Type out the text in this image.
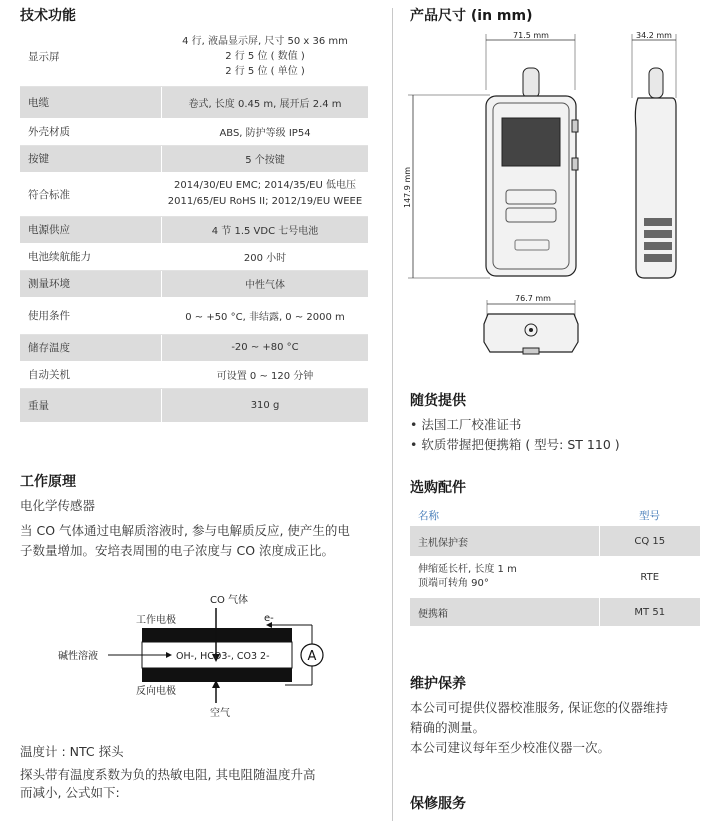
技术功能
显示屏	4 行, 液晶显示屏, 尺寸 50 x 36 mm
2 行 5 位 ( 数值 )
2 行 5 位 ( 单位 )

电缆	卷式, 长度 0.45 m, 展开后 2.4 m
外壳材质	ABS, 防护等级 IP54
按键	5 个按键
符合标准	2014/30/EU EMC; 2014/35/EU 低电压
2011/65/EU RoHS II; 2012/19/EU WEEE

电源供应	4 节 1.5 VDC 七号电池
电池续航能力	200 小时
测量环境	中性气体
使用条件	0 ~ +50 °C, 非结露, 0 ~ 2000 m
储存温度	-20 ~ +80 °C
自动关机	可设置 0 ~ 120 分钟
重量	310 g
工作原理
电化学传感器
当 CO 气体通过电解质溶液时, 参与电解质反应, 使产生的电
子数量增加。安培表周围的电子浓度与 CO 浓度成正比。
A
CO 气体
工作电极	e-
碱性溶液	OH-, HCO3-, CO3 2-
反向电极
空气
温度计 : NTC 探头
探头带有温度系数为负的热敏电阻, 其电阻随温度升高
而减小, 公式如下:
产品尺寸 (in mm)
71.5 mm	34.2 mm
147.9 mm
76.7 mm
随货提供
• 法国工厂校准证书
• 软质带握把便携箱 ( 型号: ST 110 )
选购配件
名称	型号
主机保护套	CQ 15

伸缩延长杆, 长度 1 m
顶端可转角 90°	RTE
便携箱	MT 51
维护保养
本公司可提供仪器校准服务, 保证您的仪器维持
精确的测量。
本公司建议每年至少校准仪器一次。
保修服务
